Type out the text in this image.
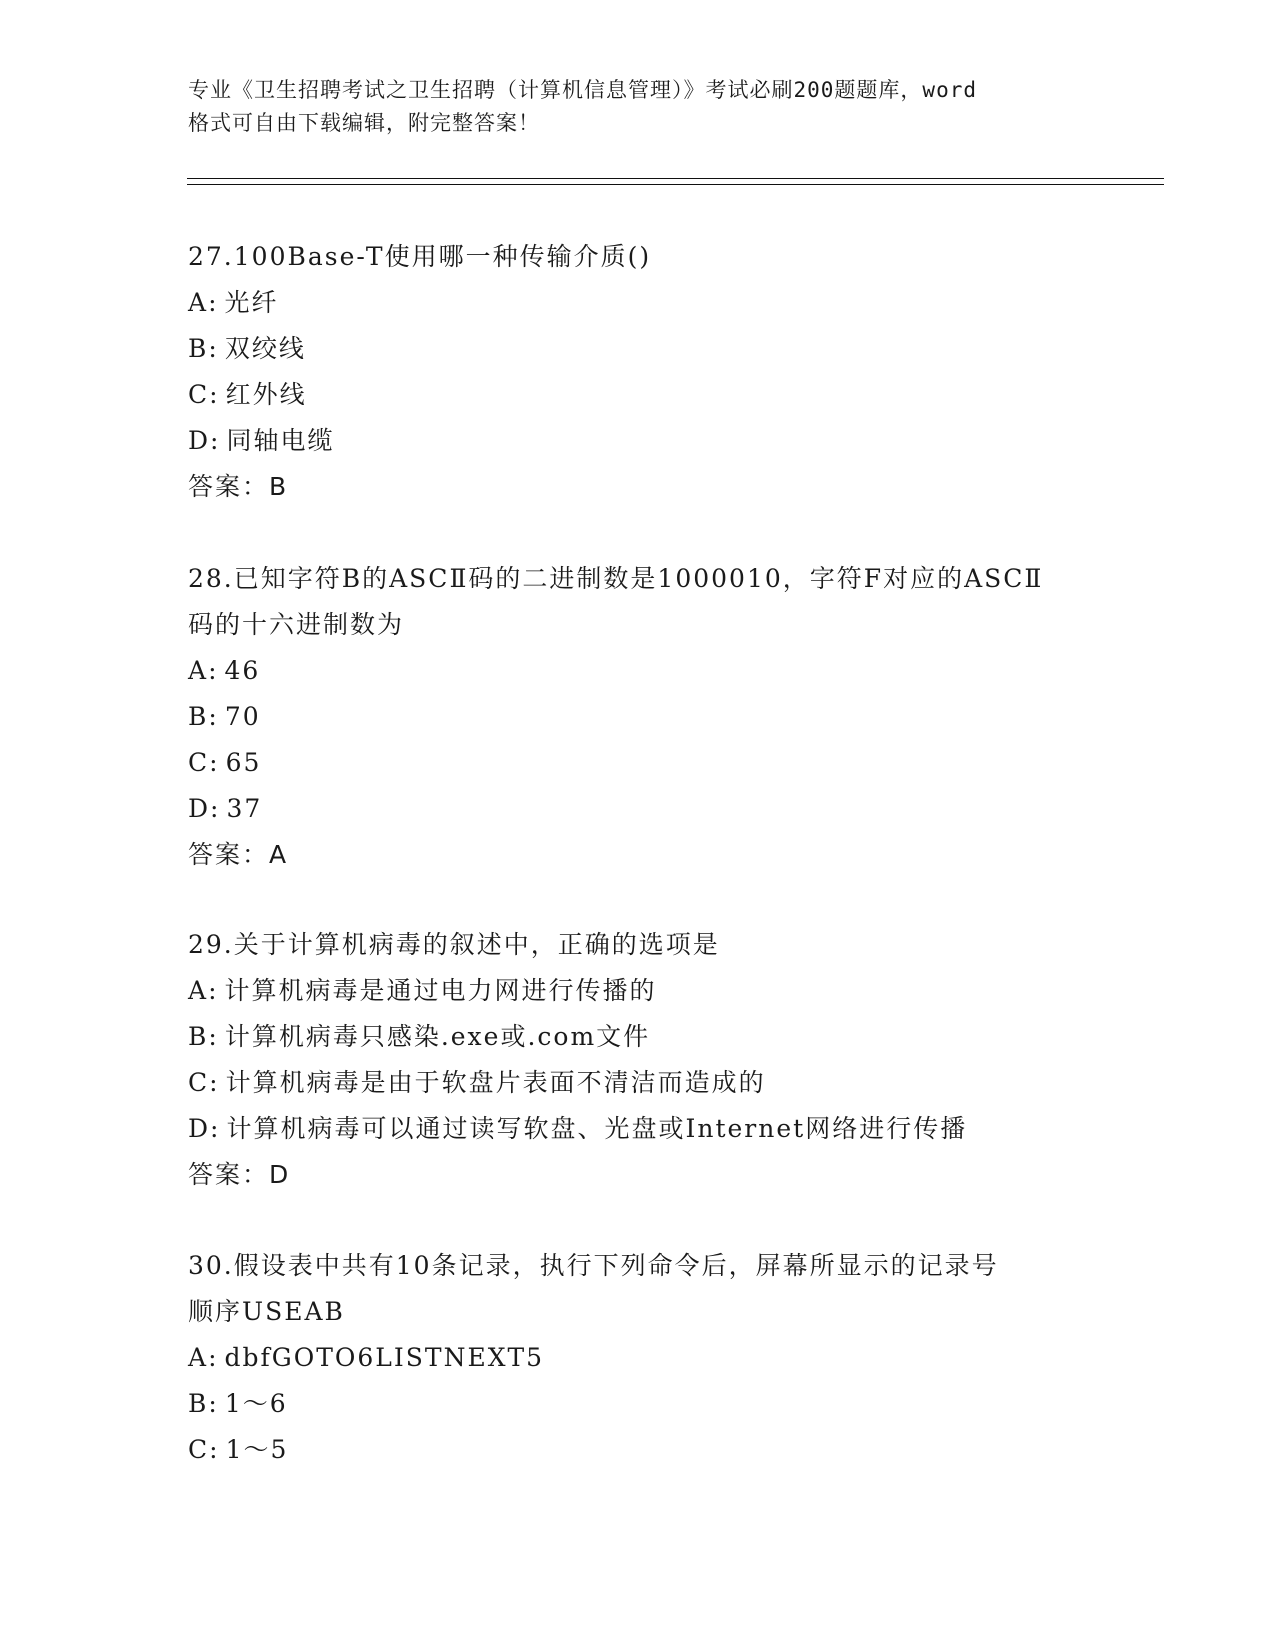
专业《卫生招聘考试之卫生招聘（计算机信息管理）》考试必刷200题题库，word
格式可自由下载编辑，附完整答案！

27.100Base-T使用哪一种传输介质()

A: 光纤

B: 双绞线

C: 红外线

D: 同轴电缆

答案：B

28.已知字符B的ASCⅡ码的二进制数是1000010，字符F对应的ASCⅡ

码的十六进制数为

A: 46

B: 70

C: 65

D: 37

答案：A

29.关于计算机病毒的叙述中，正确的选项是

A: 计算机病毒是通过电力网进行传播的

B: 计算机病毒只感染.exe或.com文件

C: 计算机病毒是由于软盘片表面不清洁而造成的

D: 计算机病毒可以通过读写软盘、光盘或Internet网络进行传播

答案：D

30.假设表中共有10条记录，执行下列命令后，屏幕所显示的记录号

顺序USEAB

A: dbfGOTO6LISTNEXT5

B: 1～6

C: 1～5
